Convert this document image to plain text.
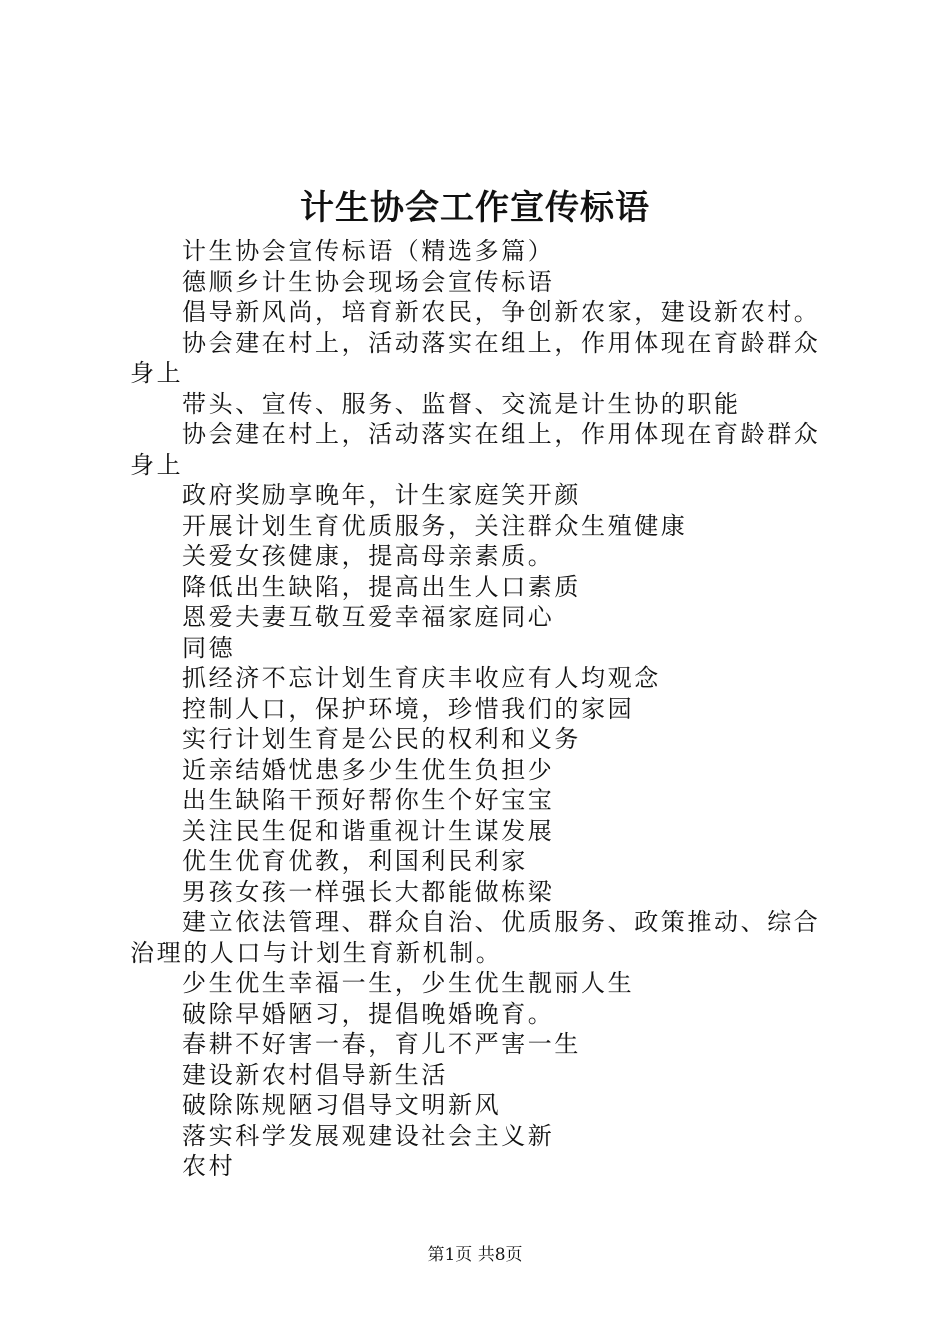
计生协会工作宣传标语

计生协会宣传标语（精选多篇）

德顺乡计生协会现场会宣传标语

倡导新风尚，培育新农民，争创新农家，建设新农村。

协会建在村上，活动落实在组上，作用体现在育龄群众身上

带头、宣传、服务、监督、交流是计生协的职能

协会建在村上，活动落实在组上，作用体现在育龄群众身上

政府奖励享晚年，计生家庭笑开颜

开展计划生育优质服务，关注群众生殖健康

关爱女孩健康，提高母亲素质。

降低出生缺陷，提高出生人口素质

恩爱夫妻互敬互爱幸福家庭同心

同德

抓经济不忘计划生育庆丰收应有人均观念

控制人口，保护环境，珍惜我们的家园

实行计划生育是公民的权利和义务

近亲结婚忧患多少生优生负担少

出生缺陷干预好帮你生个好宝宝

关注民生促和谐重视计生谋发展

优生优育优教，利国利民利家

男孩女孩一样强长大都能做栋梁

建立依法管理、群众自治、优质服务、政策推动、综合治理的人口与计划生育新机制。

少生优生幸福一生，少生优生靓丽人生

破除早婚陋习，提倡晚婚晚育。

春耕不好害一春，育儿不严害一生

建设新农村倡导新生活

破除陈规陋习倡导文明新风

落实科学发展观建设社会主义新

农村

第1页 共8页
